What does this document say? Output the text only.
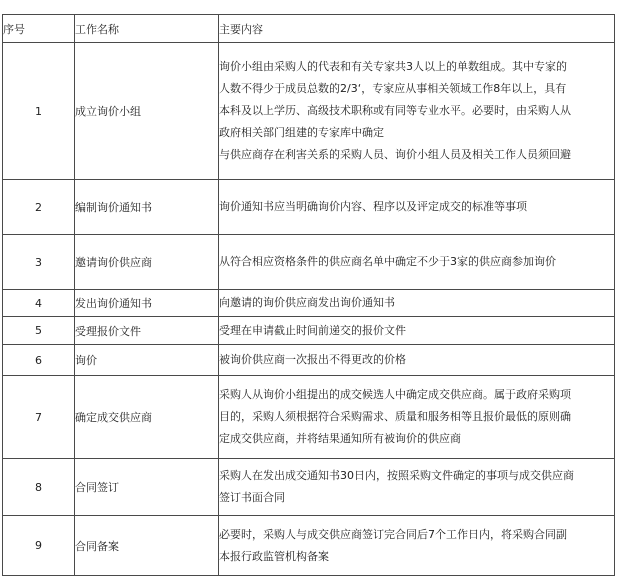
序号	工作名称	主要内容
1	成立询价小组	询价小组由采购人的代表和有关专家共3人以上的单数组成。其中专家的
人数不得少于成员总数的2/3‘，专家应从事相关领域工作8年以上，具有
本科及以上学历、高级技术职称或有同等专业水平。必要时，由采购人从
政府相关部门组建的专家库中确定
与供应商存在利害关系的采购人员、询价小组人员及相关工作人员须回避

2	编制询价通知书	询价通知书应当明确询价内容、程序以及评定成交的标准等事项

3	邀请询价供应商	从符合相应资格条件的供应商名单中确定不少于3家的供应商参加询价

4	发出询价通知书	向邀请的询价供应商发出询价通知书

5	受理报价文件	受理在申请截止时间前递交的报价文件

6	询价	被询价供应商一次报出不得更改的价格

7	确定成交供应商	采购人从询价小组提出的成交候选人中确定成交供应商。属于政府采购项
目的，采购人须根据符合采购需求、质量和服务相等且报价最低的原则确
定成交供应商，并将结果通知所有被询价的供应商

8	合同签订	采购人在发出成交通知书30日内，按照采购文件确定的事项与成交供应商
签订书面合同

9	合同备案	必要时，采购人与成交供应商签订完合同后7个工作日内，将采购合同副
本报行政监管机构备案
